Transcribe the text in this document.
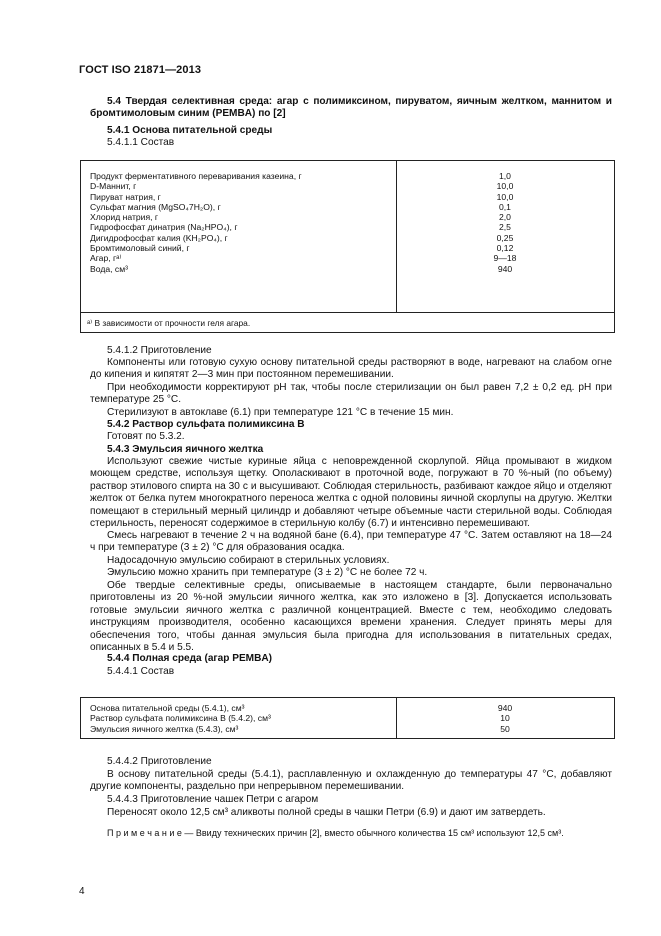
ГОСТ ISO 21871—2013
5.4 Твердая селективная среда: агар с полимиксином, пируватом, яичным желтком, маннитом и бромтимоловым синим (PEMBA) по [2]
5.4.1 Основа питательной среды
5.4.1.1 Состав
Продукт ферментативного переваривания казеина, г	1,0
D-Маннит, г	10,0
Пируват натрия, г	10,0
Сульфат магния (MgSO₄7H₂O), г	0,1
Хлорид натрия, г	2,0
Гидрофосфат динатрия (Na₂HPO₄), г	2,5
Дигидрофосфат калия (KH₂PO₄), г	0,25
Бромтимоловый синий, г	0,12
Агар, гᵃ⁾	9—18
Вода, см³	940
ᵃ⁾ В зависимости от прочности геля агара.
5.4.1.2 Приготовление
Компоненты или готовую сухую основу питательной среды растворяют в воде, нагревают на слабом огне до кипения и кипятят 2—3 мин при постоянном перемешивании.
При необходимости корректируют pH так, чтобы после стерилизации он был равен 7,2 ± 0,2 ед. pH при температуре 25 °С.
Стерилизуют в автоклаве (6.1) при температуре 121 °С в течение 15 мин.
5.4.2 Раствор сульфата полимиксина В
Готовят по 5.3.2.
5.4.3 Эмульсия яичного желтка
Используют свежие чистые куриные яйца с неповрежденной скорлупой. Яйца промывают в жидком моющем средстве, используя щетку. Ополаскивают в проточной воде, погружают в 70 %-ный (по объему) раствор этилового спирта на 30 с и высушивают. Соблюдая стерильность, разбивают каждое яйцо и отделяют желток от белка путем многократного переноса желтка с одной половины яичной скорлупы на другую. Желтки помещают в стерильный мерный цилиндр и добавляют четыре объемные части стерильной воды. Соблюдая стерильность, переносят содержимое в стерильную колбу (6.7) и интенсивно перемешивают.
Смесь нагревают в течение 2 ч на водяной бане (6.4), при температуре 47 °С. Затем оставляют на 18—24 ч при температуре (3 ± 2) °С для образования осадка.
Надосадочную эмульсию собирают в стерильных условиях.
Эмульсию можно хранить при температуре (3 ± 2) °С не более 72 ч.
Обе твердые селективные среды, описываемые в настоящем стандарте, были первоначально приготовлены из 20 %-ной эмульсии яичного желтка, как это изложено в [3]. Допускается использовать готовые эмульсии яичного желтка с различной концентрацией. Вместе с тем, необходимо следовать инструкциям производителя, особенно касающихся времени хранения. Следует принять меры для обеспечения того, чтобы данная эмульсия была пригодна для использования в питательных средах, описанных в 5.4 и 5.5.
5.4.4 Полная среда (агар PEMBA)
5.4.4.1 Состав
Основа питательной среды (5.4.1), см³	940
Раствор сульфата полимиксина В (5.4.2), см³	10
Эмульсия яичного желтка (5.4.3), см³	50
5.4.4.2 Приготовление
В основу питательной среды (5.4.1), расплавленную и охлажденную до температуры 47 °С, добавляют другие компоненты, раздельно при непрерывном перемешивании.
5.4.4.3 Приготовление чашек Петри с агаром
Переносят около 12,5 см³ аликвоты полной среды в чашки Петри (6.9) и дают им затвердеть.
П р и м е ч а н и е — Ввиду технических причин [2], вместо обычного количества 15 см³ используют 12,5 см³.
4
